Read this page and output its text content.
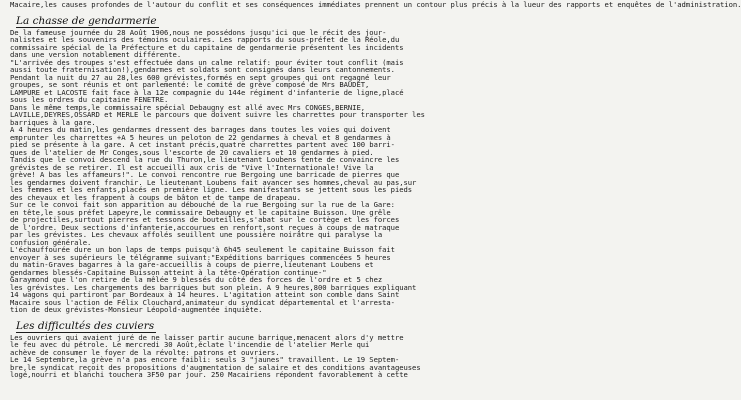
Macaire,les causes profondes de l'autour du conflit et ses conséquences immédiates prennent un contour plus précis à la lueur des rapports et enquêtes de l'administration.
La chasse de gendarmerie
De la fameuse journée du 28 Août 1906,nous ne possédons jusqu'ici que le récit des jour-
nalistes et les souvenirs des témoins oculaires. Les rapports du sous-préfet de la Réole,du
commissaire spécial de la Préfecture et du capitaine de gendarmerie présentent les incidents
dans une version notablement différente.
"L'arrivée des troupes s'est effectuée dans un calme relatif: pour éviter tout conflit (mais
aussi toute fraternisation!),gendarmes et soldats sont consignés dans leurs cantonnements.
Pendant la nuit du 27 au 28,les 600 grévistes,formés en sept groupes qui ont regagné leur
groupes, se sont réunis et ont parlementé: le comité de grève composé de Mrs BAUDET,
LAMPURE et LACOSTE fait face à la 12e compagnie du 144e régiment d'infanterie de ligne,placé
sous les ordres du capitaine FENETRE.
Dans le même temps,le commissaire spécial Debaugny est allé avec Mrs CONGES,BERNIE,
LAVILLE,DEYRES,OSSARD et MERLE le parcours que doivent suivre les charrettes pour transporter les
barriques à la gare.
A 4 heures du matin,les gendarmes dressent des barrages dans toutes les voies qui doivent
emprunter les charrettes +A 5 heures un peloton de 22 gendarmes à cheval et 8 gendarmes à
pied se présente à la gare. A cet instant précis,quatre charrettes partent avec 100 barri-
ques de l'atelier de Mr Conges,sous l'escorte de 20 cavaliers et 10 gendarmes à pied.
Tandis que le convoi descend la rue du Thuron,le lieutenant Loubens tente de convaincre les
grévistes de se retirer. Il est accueilli aux cris de "Vive l'Internationale! Vive la
grève! A bas les affameurs!". Le convoi rencontre rue Bergoing une barricade de pierres que
les gendarmes doivent franchir. Le lieutenant Loubens fait avancer ses hommes,cheval au pas,sur
les femmes et les enfants,placés en première ligne. Les manifestants se jettent sous les pieds
des chevaux et les frappent à coups de bâton et de tampe de drapeau.
Sur ce le convoi fait son apparition au débouché de la rue Bergoing sur la rue de la Gare:
en tête,le sous préfet Lapeyre,le commissaire Debaugny et le capitaine Buisson. Une grêle
de projectiles,surtout pierres et tessons de bouteilles,s'abat sur le cortège et les forces
de l'ordre. Deux sections d'infanterie,accourues en renfort,sont reçues à coups de matraque
par les grévistes. Les chevaux affolés seuillent une poussière noirâtre qui paralyse la
confusion générale.
L'échauffourée dure un bon laps de temps puisqu'à 6h45 seulement le capitaine Buisson fait
envoyer à ses supérieurs le télégramme suivant:"Expéditions barriques commencées 5 heures
du matin-Graves bagarres à la gare-accueillis à coups de pierre,lieutenant Loubens et
gendarmes blessés-Capitaine Buisson atteint à la tête-Opération continue-"
Garaymond que l'on retire de la mêlée 9 blessés du côté des forces de l'ordre et 5 chez
les grévistes. Les chargements des barriques but son plein. A 9 heures,800 barriques expliquant
14 wagons qui partiront par Bordeaux à 14 heures. L'agitation atteint son comble dans Saint
Macaire sous l'action de Félix Clouchard,animateur du syndicat départemental et l'arresta-
tion de deux grévistes-Monsieur Léopold-augmentée inquiète.
Les difficultés des cuviers
Les ouvriers qui avaient juré de ne laisser partir aucune barrique,menacent alors d'y mettre
le feu avec du pétrole. Le mercredi 30 Août,éclate l'incendie de l'atelier Merle qui
achève de consumer le foyer de la révolte: patrons et ouvriers.
Le 14 Septembre,la grève n'a pas encore faibli: seuls 3 "jaunes" travaillent. Le 19 Septem-
bre,le syndicat reçoit des propositions d'augmentation de salaire et des conditions avantageuses
logé,nourri et blanchi touchera 3F50 par jour. 250 Macairiens répondent favorablement à cette
